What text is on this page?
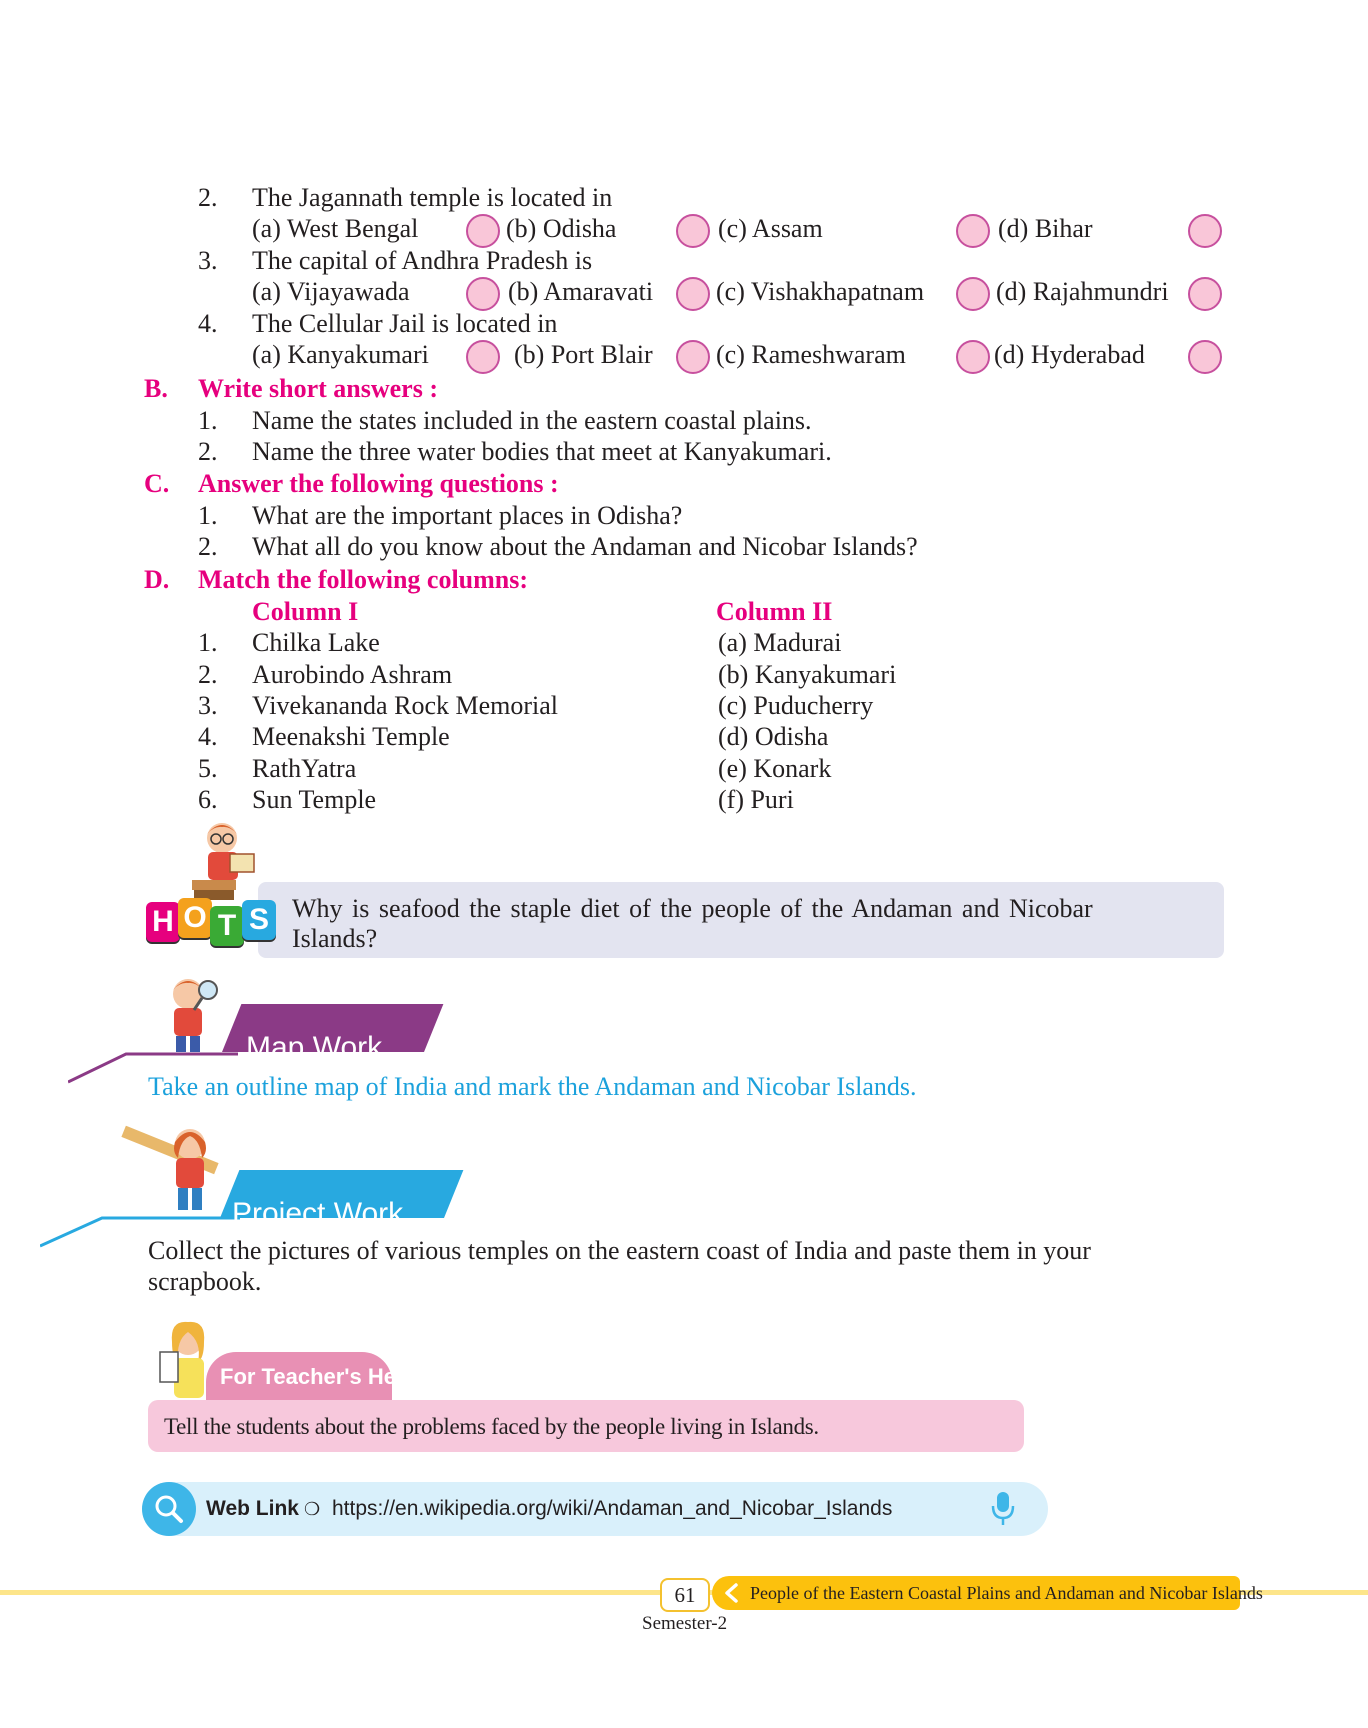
2. The Jagannath temple is located in
(a) West Bengal	(b) Odisha	(c) Assam	(d) Bihar
3. The capital of Andhra Pradesh is
(a) Vijayawada	(b) Amaravati (c) Vishakhapatnam	(d) Rajahmundri
4. The Cellular Jail is located in
(a) Kanyakumari	(b) Port Blair (c) Rameshwaram	(d) Hyderabad
B. Write short answers :
1. Name the states included in the eastern coastal plains.
2. Name the three water bodies that meet at Kanyakumari.
C. Answer the following questions :
1. What are the important places in Odisha?
2. What all do you know about the Andaman and Nicobar Islands?
D. Match the following columns:
Column I	Column II
1. Chilka Lake	(a) Madurai
2. Aurobindo Ashram	(b) Kanyakumari
3. Vivekananda Rock Memorial	(c) Puducherry
4. Meenakshi Temple	(d) Odisha
5. RathYatra	(e) Konark
6. Sun Temple	(f) Puri
H O T S Why is seafood the staple diet of the people of the Andaman and Nicobar
Islands?
Map Work
Take an outline map of India and mark the Andaman and Nicobar Islands.
Project Work
Collect the pictures of various temples on the eastern coast of India and paste them in your
scrapbook.
For Teacher's Help
Tell the students about the problems faced by the people living in Islands.
Web Link ❍ https://en.wikipedia.org/wiki/Andaman_and_Nicobar_Islands
61	People of the Eastern Coastal Plains and Andaman and Nicobar Islands
Semester-2
